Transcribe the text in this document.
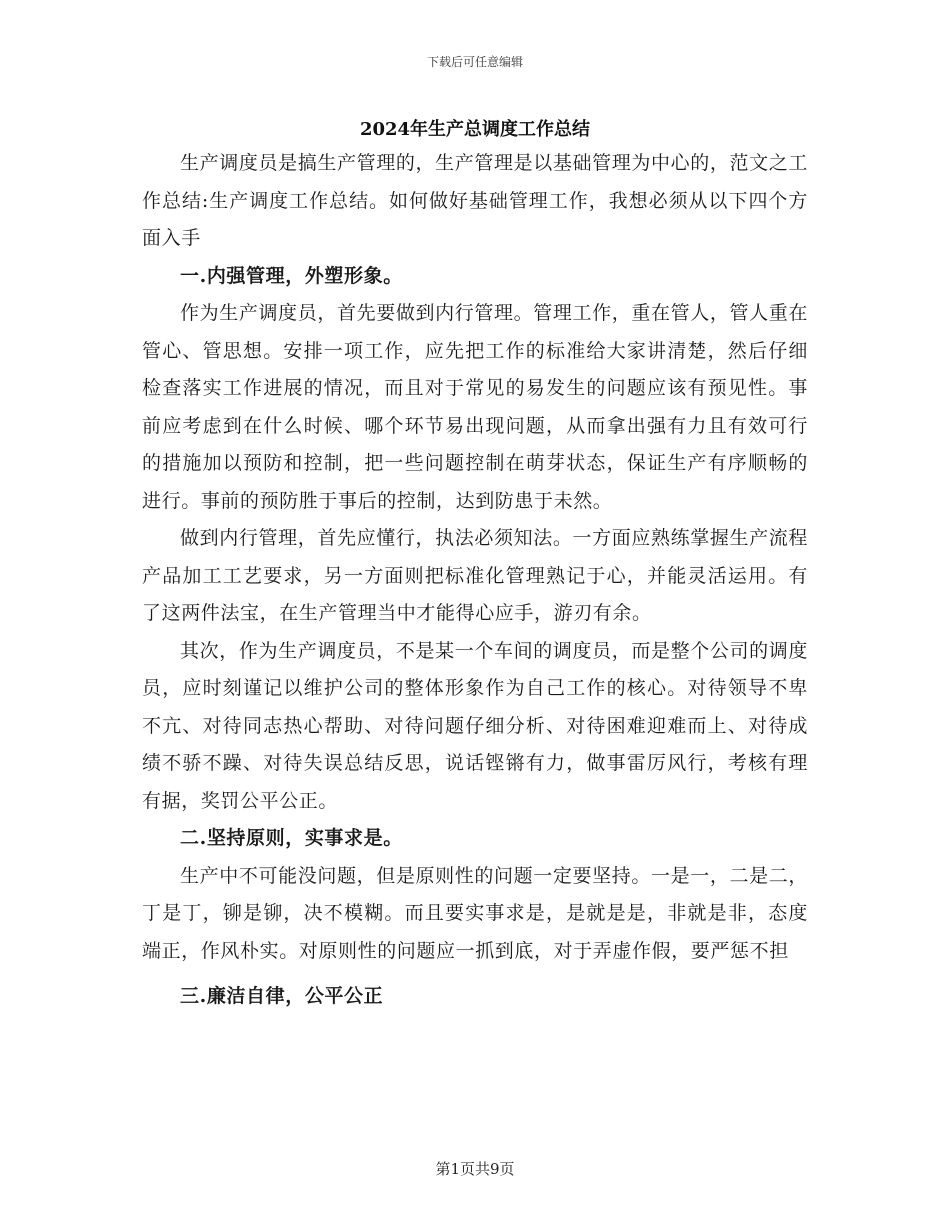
下载后可任意编辑
2024年生产总调度工作总结

生产调度员是搞生产管理的，生产管理是以基础管理为中心的，范文之工作总结:生产调度工作总结。如何做好基础管理工作，我想必须从以下四个方面入手

一.内强管理，外塑形象。

作为生产调度员，首先要做到内行管理。管理工作，重在管人，管人重在管心、管思想。安排一项工作，应先把工作的标准给大家讲清楚，然后仔细检查落实工作进展的情况，而且对于常见的易发生的问题应该有预见性。事前应考虑到在什么时候、哪个环节易出现问题，从而拿出强有力且有效可行的措施加以预防和控制，把一些问题控制在萌芽状态，保证生产有序顺畅的进行。事前的预防胜于事后的控制，达到防患于未然。

做到内行管理，首先应懂行，执法必须知法。一方面应熟练掌握生产流程产品加工工艺要求，另一方面则把标准化管理熟记于心，并能灵活运用。有了这两件法宝，在生产管理当中才能得心应手，游刃有余。

其次，作为生产调度员，不是某一个车间的调度员，而是整个公司的调度员，应时刻谨记以维护公司的整体形象作为自己工作的核心。对待领导不卑不亢、对待同志热心帮助、对待问题仔细分析、对待困难迎难而上、对待成绩不骄不躁、对待失误总结反思，说话铿锵有力，做事雷厉风行，考核有理有据，奖罚公平公正。

二.坚持原则，实事求是。

生产中不可能没问题，但是原则性的问题一定要坚持。一是一，二是二，丁是丁，铆是铆，决不模糊。而且要实事求是，是就是是，非就是非，态度端正，作风朴实。对原则性的问题应一抓到底，对于弄虚作假，要严惩不担

三.廉洁自律，公平公正

第1页共9页
